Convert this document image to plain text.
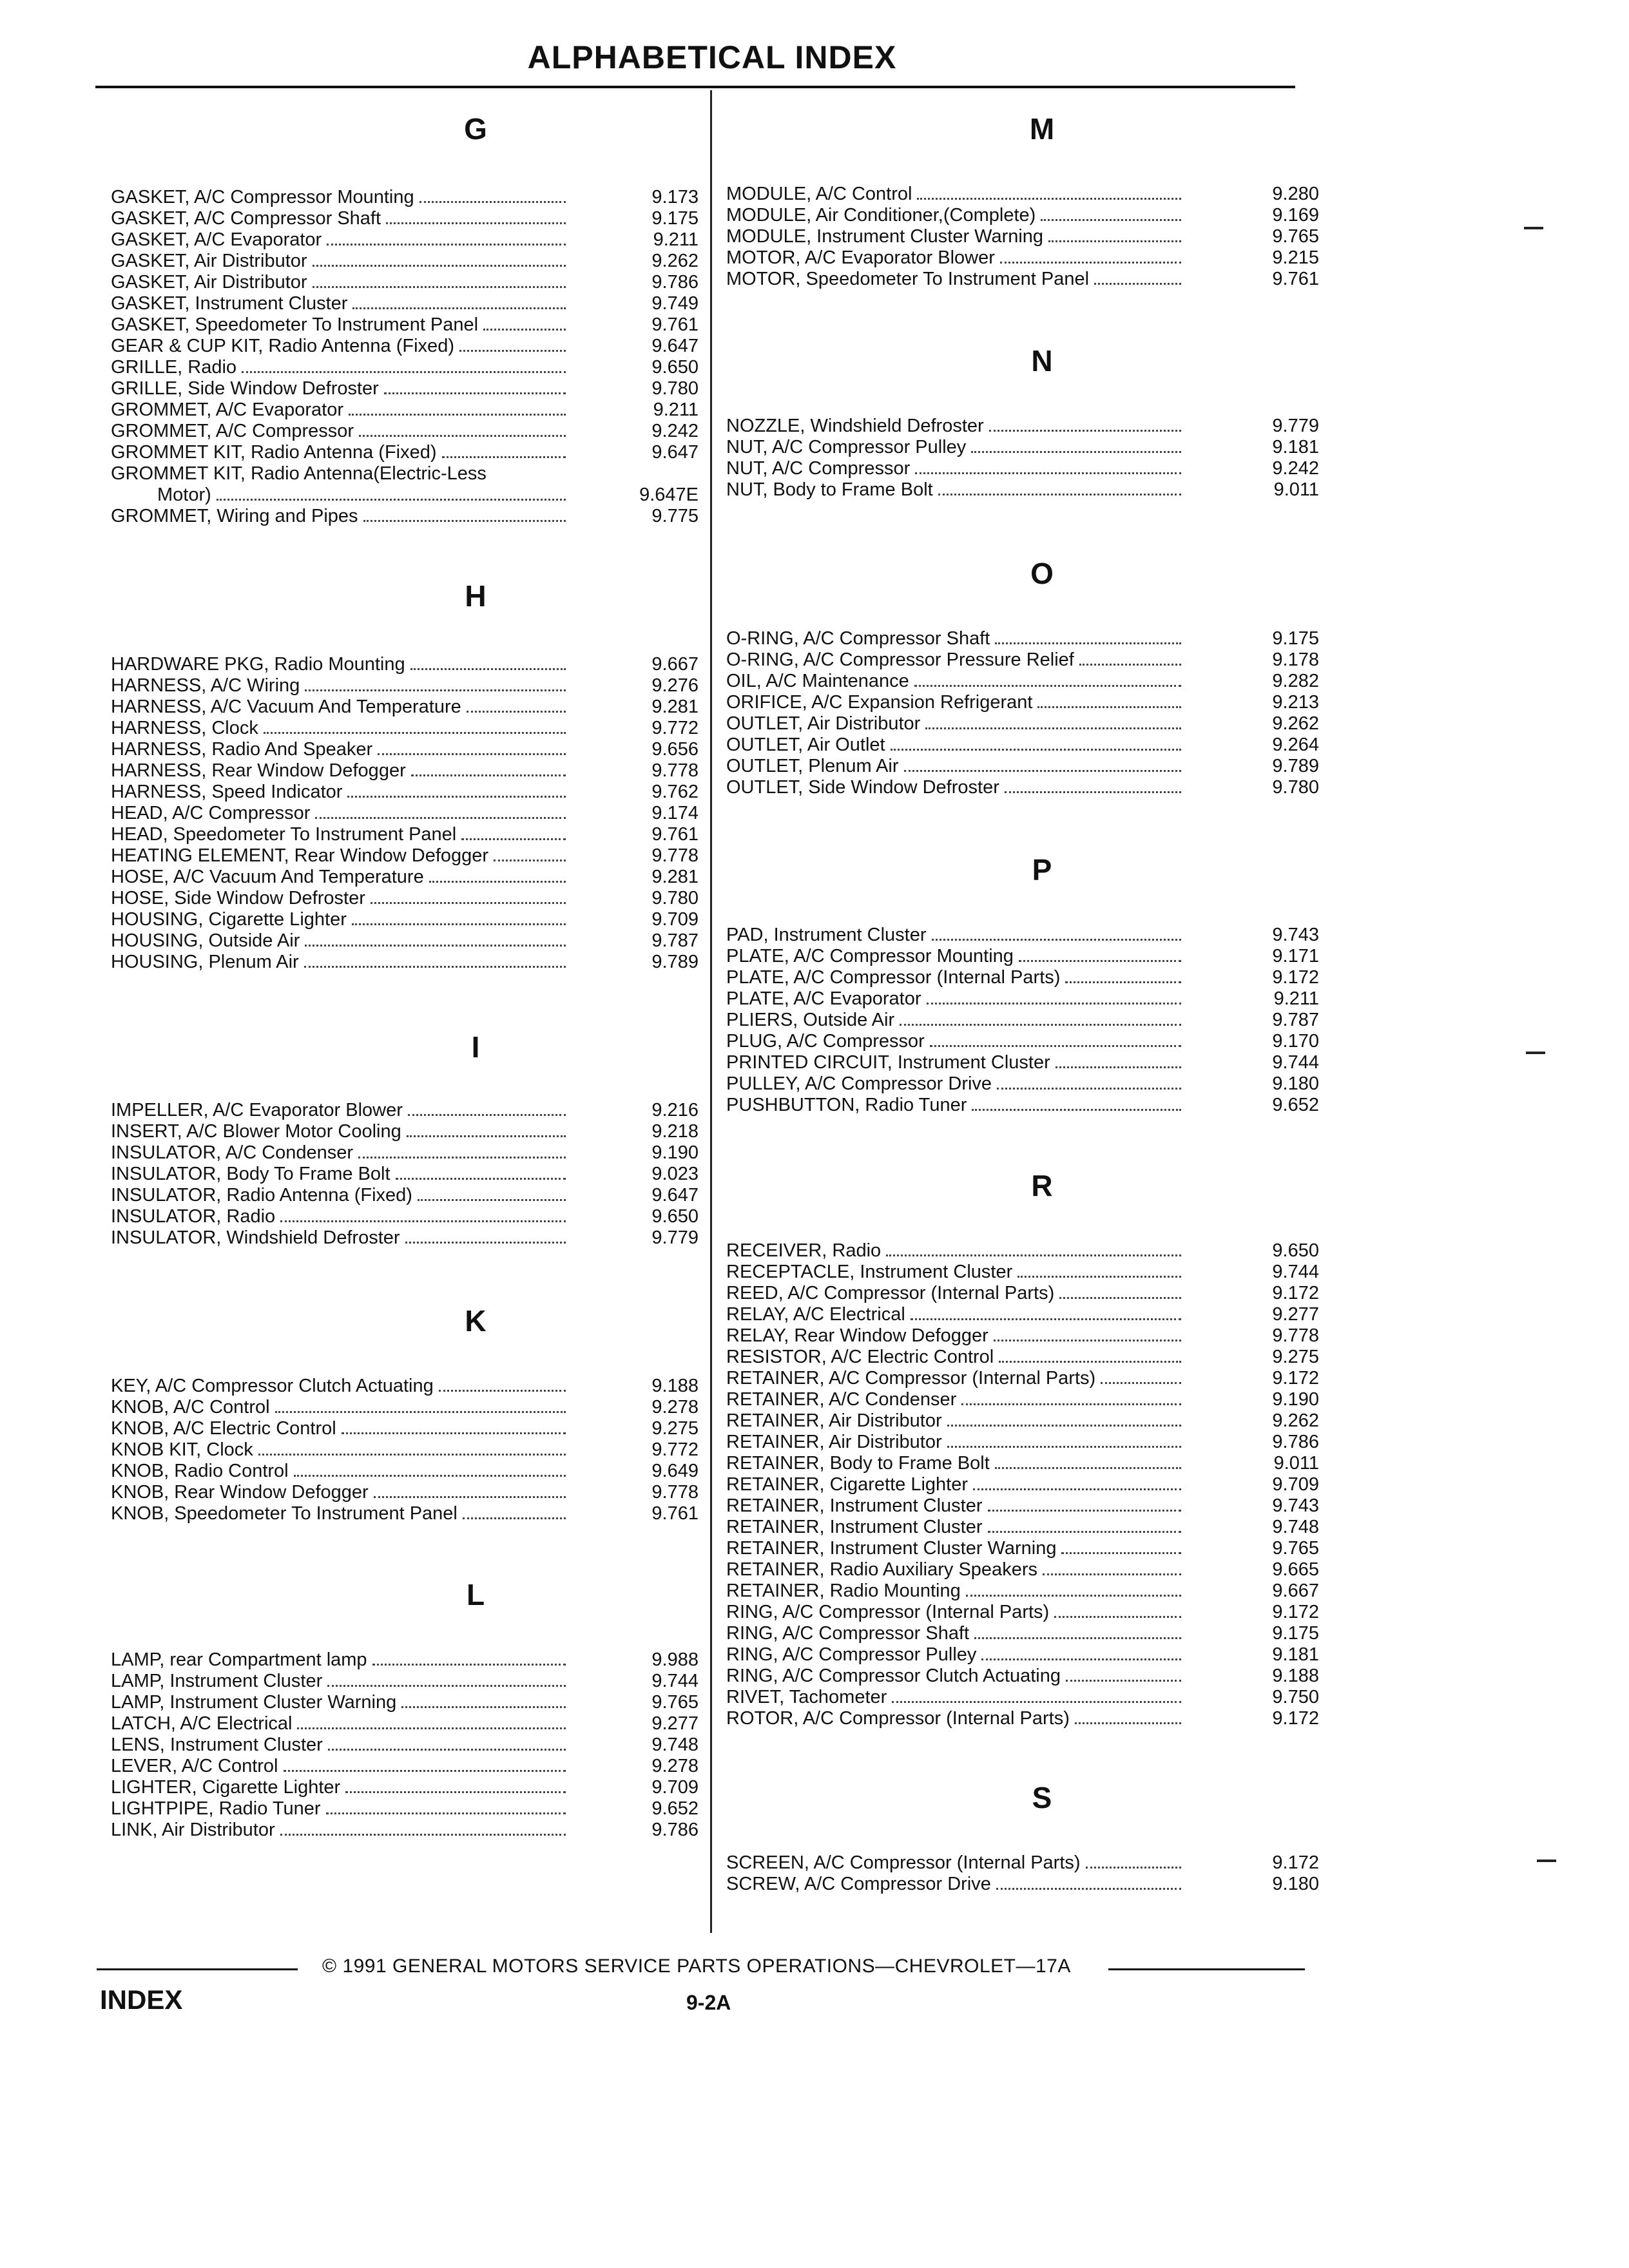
ALPHABETICAL INDEX
G
GASKET, A/C Compressor Mounting	9.173
GASKET, A/C Compressor Shaft	9.175
GASKET, A/C Evaporator	9.211
GASKET, Air Distributor	9.262
GASKET, Air Distributor	9.786
GASKET, Instrument Cluster	9.749
GASKET, Speedometer To Instrument Panel	9.761
GEAR & CUP KIT, Radio Antenna (Fixed)	9.647
GRILLE, Radio	9.650
GRILLE, Side Window Defroster	9.780
GROMMET, A/C Evaporator	9.211
GROMMET, A/C Compressor	9.242
GROMMET KIT, Radio Antenna (Fixed)	9.647
GROMMET KIT, Radio Antenna(Electric-Less
Motor)	9.647E
GROMMET, Wiring and Pipes	9.775
H
HARDWARE PKG, Radio Mounting	9.667
HARNESS, A/C Wiring	9.276
HARNESS, A/C Vacuum And Temperature	9.281
HARNESS, Clock	9.772
HARNESS, Radio And Speaker	9.656
HARNESS, Rear Window Defogger	9.778
HARNESS, Speed Indicator	9.762
HEAD, A/C Compressor	9.174
HEAD, Speedometer To Instrument Panel	9.761
HEATING ELEMENT, Rear Window Defogger	9.778
HOSE, A/C Vacuum And Temperature	9.281
HOSE, Side Window Defroster	9.780
HOUSING, Cigarette Lighter	9.709
HOUSING, Outside Air	9.787
HOUSING, Plenum Air	9.789
I
IMPELLER, A/C Evaporator Blower	9.216
INSERT, A/C Blower Motor Cooling	9.218
INSULATOR, A/C Condenser	9.190
INSULATOR, Body To Frame Bolt	9.023
INSULATOR, Radio Antenna (Fixed)	9.647
INSULATOR, Radio	9.650
INSULATOR, Windshield Defroster	9.779
K
KEY, A/C Compressor Clutch Actuating	9.188
KNOB, A/C Control	9.278
KNOB, A/C Electric Control	9.275
KNOB KIT, Clock	9.772
KNOB, Radio Control	9.649
KNOB, Rear Window Defogger	9.778
KNOB, Speedometer To Instrument Panel	9.761
L
LAMP, rear Compartment lamp	9.988
LAMP, Instrument Cluster	9.744
LAMP, Instrument Cluster Warning	9.765
LATCH, A/C Electrical	9.277
LENS, Instrument Cluster	9.748
LEVER, A/C Control	9.278
LIGHTER, Cigarette Lighter	9.709
LIGHTPIPE, Radio Tuner	9.652
LINK, Air Distributor	9.786
M
MODULE, A/C Control	9.280
MODULE, Air Conditioner,(Complete)	9.169
MODULE, Instrument Cluster Warning	9.765
MOTOR, A/C Evaporator Blower	9.215
MOTOR, Speedometer To Instrument Panel	9.761
N
NOZZLE, Windshield Defroster	9.779
NUT, A/C Compressor Pulley	9.181
NUT, A/C Compressor	9.242
NUT, Body to Frame Bolt	9.011
O
O-RING, A/C Compressor Shaft	9.175
O-RING, A/C Compressor Pressure Relief	9.178
OIL, A/C Maintenance	9.282
ORIFICE, A/C Expansion Refrigerant	9.213
OUTLET, Air Distributor	9.262
OUTLET, Air Outlet	9.264
OUTLET, Plenum Air	9.789
OUTLET, Side Window Defroster	9.780
P
PAD, Instrument Cluster	9.743
PLATE, A/C Compressor Mounting	9.171
PLATE, A/C Compressor (Internal Parts)	9.172
PLATE, A/C Evaporator	9.211
PLIERS, Outside Air	9.787
PLUG, A/C Compressor	9.170
PRINTED CIRCUIT, Instrument Cluster	9.744
PULLEY, A/C Compressor Drive	9.180
PUSHBUTTON, Radio Tuner	9.652
R
RECEIVER, Radio	9.650
RECEPTACLE, Instrument Cluster	9.744
REED, A/C Compressor (Internal Parts)	9.172
RELAY, A/C Electrical	9.277
RELAY, Rear Window Defogger	9.778
RESISTOR, A/C Electric Control	9.275
RETAINER, A/C Compressor (Internal Parts)	9.172
RETAINER, A/C Condenser	9.190
RETAINER, Air Distributor	9.262
RETAINER, Air Distributor	9.786
RETAINER, Body to Frame Bolt	9.011
RETAINER, Cigarette Lighter	9.709
RETAINER, Instrument Cluster	9.743
RETAINER, Instrument Cluster	9.748
RETAINER, Instrument Cluster Warning	9.765
RETAINER, Radio Auxiliary Speakers	9.665
RETAINER, Radio Mounting	9.667
RING, A/C Compressor (Internal Parts)	9.172
RING, A/C Compressor Shaft	9.175
RING, A/C Compressor Pulley	9.181
RING, A/C Compressor Clutch Actuating	9.188
RIVET, Tachometer	9.750
ROTOR, A/C Compressor (Internal Parts)	9.172
S
SCREEN, A/C Compressor (Internal Parts)	9.172
SCREW, A/C Compressor Drive	9.180
© 1991 GENERAL MOTORS SERVICE PARTS OPERATIONS—CHEVROLET—17A
INDEX	9-2A
